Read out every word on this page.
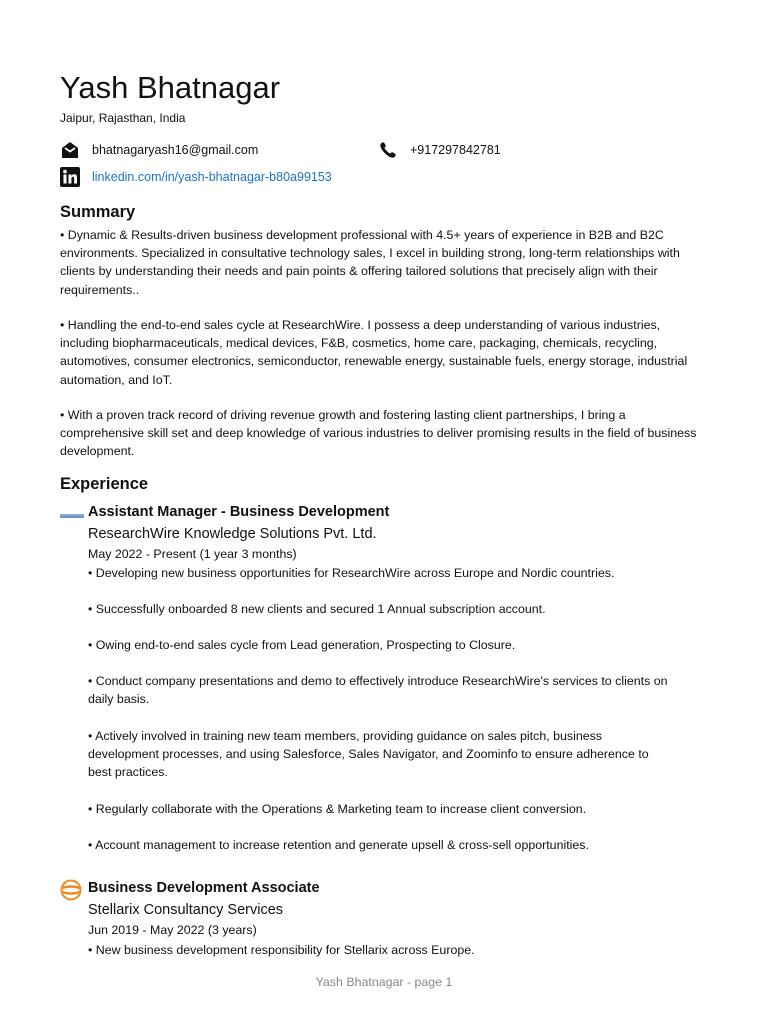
Yash Bhatnagar
Jaipur, Rajasthan, India
bhatnagaryash16@gmail.com	+917297842781
linkedin.com/in/yash-bhatnagar-b80a99153
Summary

• Dynamic & Results-driven business development professional with 4.5+ years of experience in B2B and B2C environments. Specialized in consultative technology sales, I excel in building strong, long-term relationships with clients by understanding their needs and pain points & offering tailored solutions that precisely align with their requirements..

• Handling the end-to-end sales cycle at ResearchWire. I possess a deep understanding of various industries, including biopharmaceuticals, medical devices, F&B, cosmetics, home care, packaging, chemicals, recycling, automotives, consumer electronics, semiconductor, renewable energy, sustainable fuels, energy storage, industrial automation, and IoT.

• With a proven track record of driving revenue growth and fostering lasting client partnerships, I bring a comprehensive skill set and deep knowledge of various industries to deliver promising results in the field of business development.

Experience
Assistant Manager - Business Development
ResearchWire Knowledge Solutions Pvt. Ltd.
May 2022 - Present (1 year 3 months)

• Developing new business opportunities for ResearchWire across Europe and Nordic countries.

• Successfully onboarded 8 new clients and secured 1 Annual subscription account.

• Owing end-to-end sales cycle from Lead generation, Prospecting to Closure.

• Conduct company presentations and demo to effectively introduce ResearchWire's services to clients on daily basis.

• Actively involved in training new team members, providing guidance on sales pitch, business development processes, and using Salesforce, Sales Navigator, and Zoominfo to ensure adherence to best practices.

• Regularly collaborate with the Operations & Marketing team to increase client conversion.

• Account management to increase retention and generate upsell & cross-sell opportunities.

Business Development Associate
Stellarix Consultancy Services
Jun 2019 - May 2022 (3 years)

• New business development responsibility for Stellarix across Europe.

Yash Bhatnagar - page 1
